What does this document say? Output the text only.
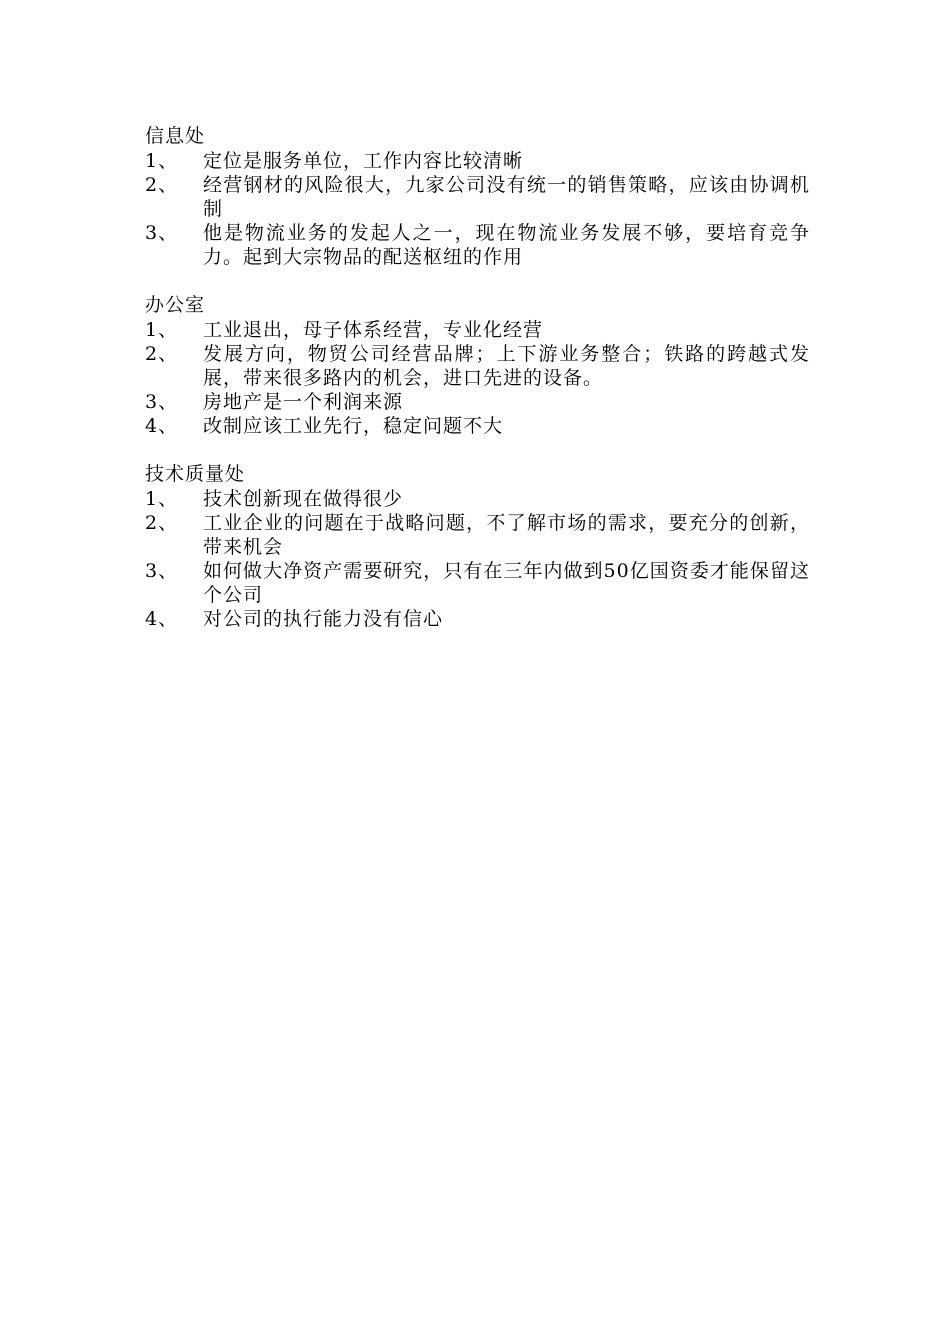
信息处
1、	定位是服务单位，工作内容比较清晰
2、	经营钢材的风险很大，九家公司没有统一的销售策略，应该由协调机制
3、	他是物流业务的发起人之一，现在物流业务发展不够，要培育竞争力。起到大宗物品的配送枢纽的作用
办公室
1、	工业退出，母子体系经营，专业化经营
2、	发展方向，物贸公司经营品牌；上下游业务整合；铁路的跨越式发展，带来很多路内的机会，进口先进的设备。
3、	房地产是一个利润来源
4、	改制应该工业先行，稳定问题不大
技术质量处
1、	技术创新现在做得很少
2、	工业企业的问题在于战略问题，不了解市场的需求，要充分的创新，带来机会
3、	如何做大净资产需要研究，只有在三年内做到50亿国资委才能保留这个公司
4、	对公司的执行能力没有信心
